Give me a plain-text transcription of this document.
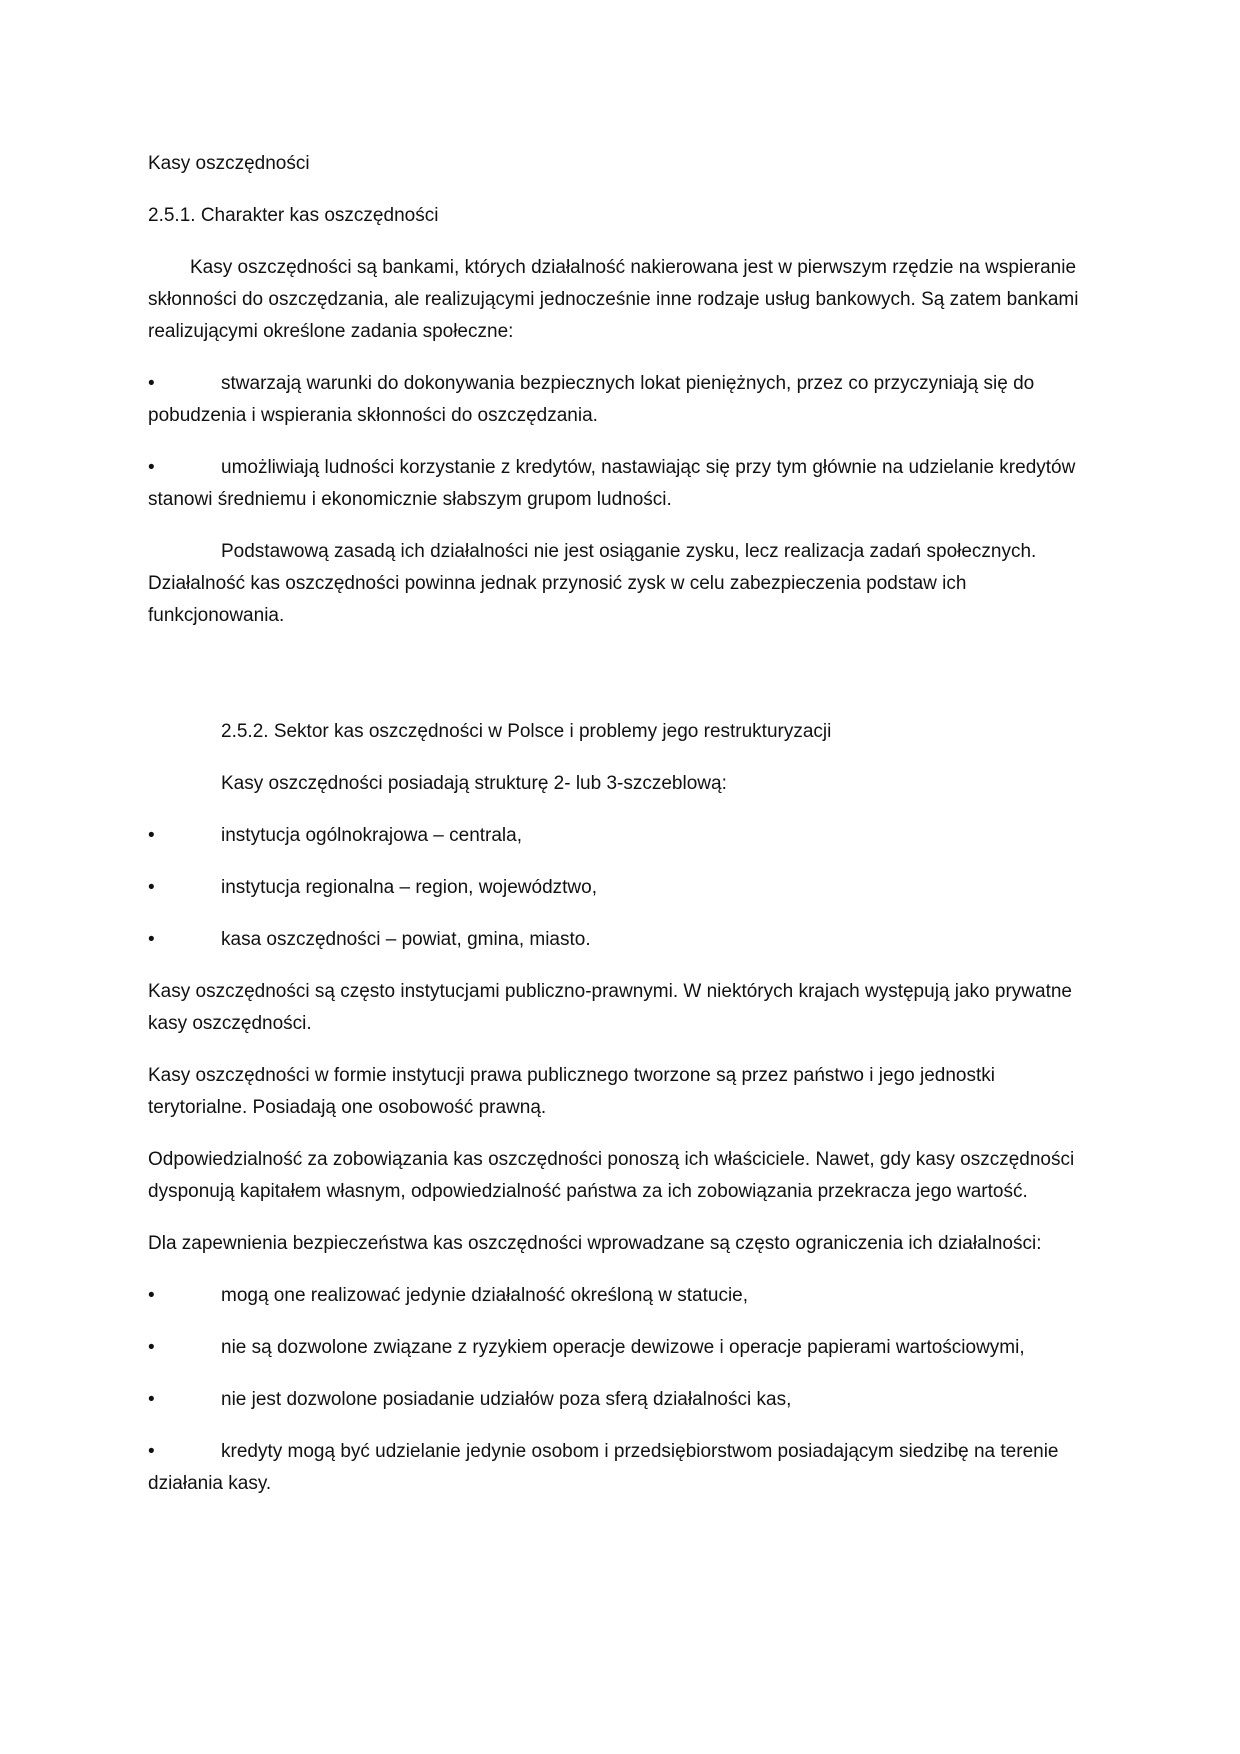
Kasy oszczędności

2.5.1. Charakter kas oszczędności

Kasy oszczędności są bankami, których działalność nakierowana jest w pierwszym rzędzie na wspieranie skłonności do oszczędzania, ale realizującymi jednocześnie inne rodzaje usług bankowych. Są zatem bankami realizującymi określone zadania społeczne:

•	stwarzają warunki do dokonywania bezpiecznych lokat pieniężnych, przez co przyczyniają się do pobudzenia i wspierania skłonności do oszczędzania.

•	umożliwiają ludności korzystanie z kredytów, nastawiając się przy tym głównie na udzielanie kredytów stanowi średniemu i ekonomicznie słabszym grupom ludności.

Podstawową zasadą ich działalności nie jest osiąganie zysku, lecz realizacja zadań społecznych. Działalność kas oszczędności powinna jednak przynosić zysk w celu zabezpieczenia podstaw ich funkcjonowania.

2.5.2. Sektor kas oszczędności w Polsce i problemy jego restrukturyzacji

Kasy oszczędności posiadają strukturę 2- lub 3-szczeblową:

•	instytucja ogólnokrajowa – centrala,

•	instytucja regionalna – region, województwo,

•	kasa oszczędności – powiat, gmina, miasto.

Kasy oszczędności są często instytucjami publiczno-prawnymi. W niektórych krajach występują jako prywatne kasy oszczędności.

Kasy oszczędności w formie instytucji prawa publicznego tworzone są przez państwo i jego jednostki terytorialne. Posiadają one osobowość prawną.

Odpowiedzialność za zobowiązania kas oszczędności ponoszą ich właściciele. Nawet, gdy kasy oszczędności dysponują kapitałem własnym, odpowiedzialność państwa za ich zobowiązania przekracza jego wartość.

Dla zapewnienia bezpieczeństwa kas oszczędności wprowadzane są często ograniczenia ich działalności:

•	mogą one realizować jedynie działalność określoną w statucie,

•	nie są dozwolone związane z ryzykiem operacje dewizowe i operacje papierami wartościowymi,

•	nie jest dozwolone posiadanie udziałów poza sferą działalności kas,

•	kredyty mogą być udzielanie jedynie osobom i przedsiębiorstwom posiadającym siedzibę na terenie działania kasy.
